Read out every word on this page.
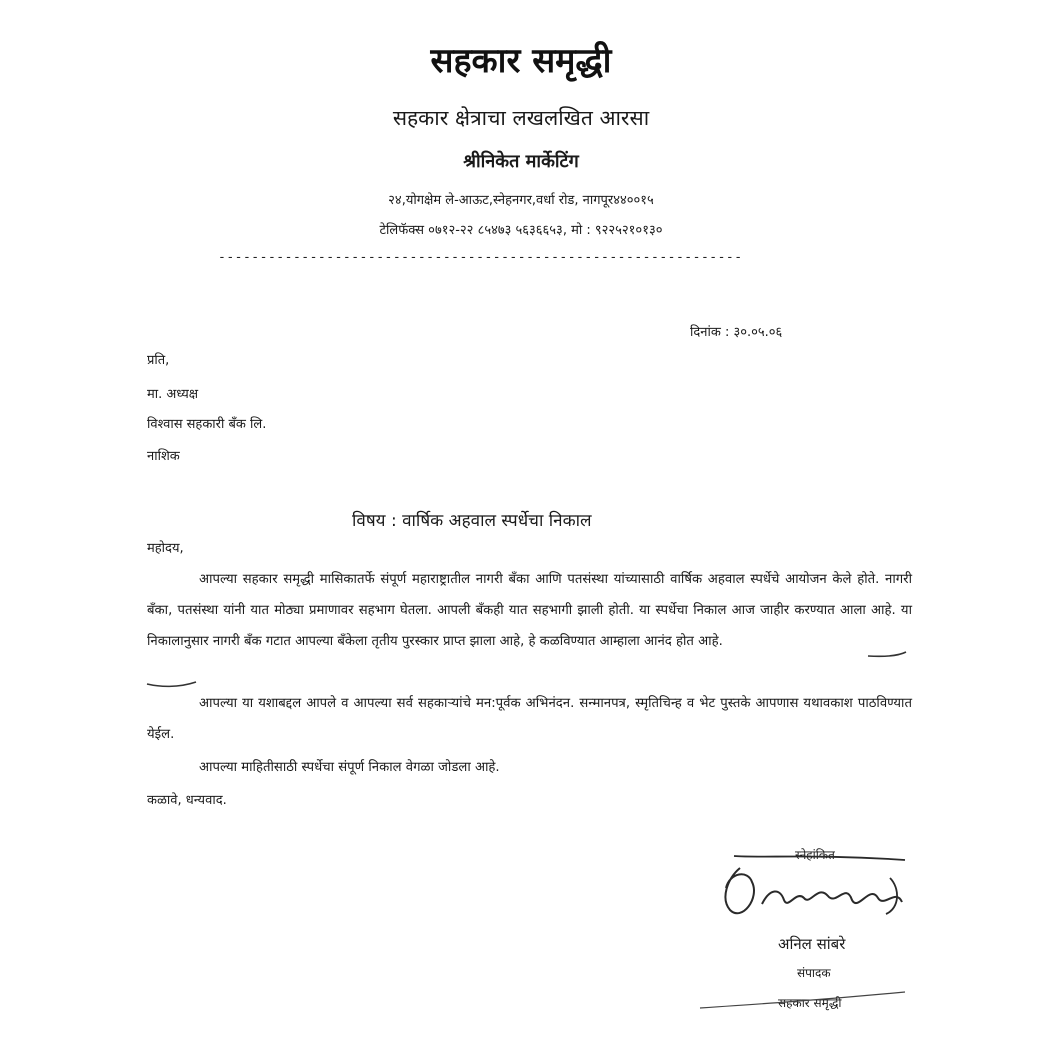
सहकार समृद्धी
सहकार क्षेत्राचा लखलखित आरसा
श्रीनिकेत मार्केटिंग
२४,योगक्षेम ले-आऊट,स्नेहनगर,वर्धा रोड, नागपूर४४००१५
टेलिफॅक्स ०७१२-२२ ८५४७३ ५६३६६५३, मो : ९२२५२१०१३०
---------------------------------------------------------------
दिनांक : ३०.०५.०६
प्रति,
मा. अध्यक्ष
विश्वास सहकारी बँक लि.
नाशिक
विषय : वार्षिक अहवाल स्पर्धेचा निकाल
महोदय,
आपल्या सहकार समृद्धी मासिकातर्फे संपूर्ण महाराष्ट्रातील नागरी बँका आणि पतसंस्था यांच्यासाठी वार्षिक अहवाल स्पर्धेचे आयोजन केले होते. नागरी बँका, पतसंस्था यांनी यात मोठ्या प्रमाणावर सहभाग घेतला. आपली बँकही यात सहभागी झाली होती. या स्पर्धेचा निकाल आज जाहीर करण्यात आला आहे. या निकालानुसार नागरी बँक गटात आपल्या बँकेला तृतीय पुरस्कार प्राप्त झाला आहे, हे कळविण्यात आम्हाला आनंद होत आहे.
आपल्या या यशाबद्दल आपले व आपल्या सर्व सहकाऱ्यांचे मन:पूर्वक अभिनंदन. सन्मानपत्र, स्मृतिचिन्ह व भेट पुस्तके आपणास यथावकाश पाठविण्यात येईल.
आपल्या माहितीसाठी स्पर्धेचा संपूर्ण निकाल वेगळा जोडला आहे.
कळावे, धन्यवाद.
स्नेहांकित
अनिल सांबरे
संपादक
सहकार समृद्धी
